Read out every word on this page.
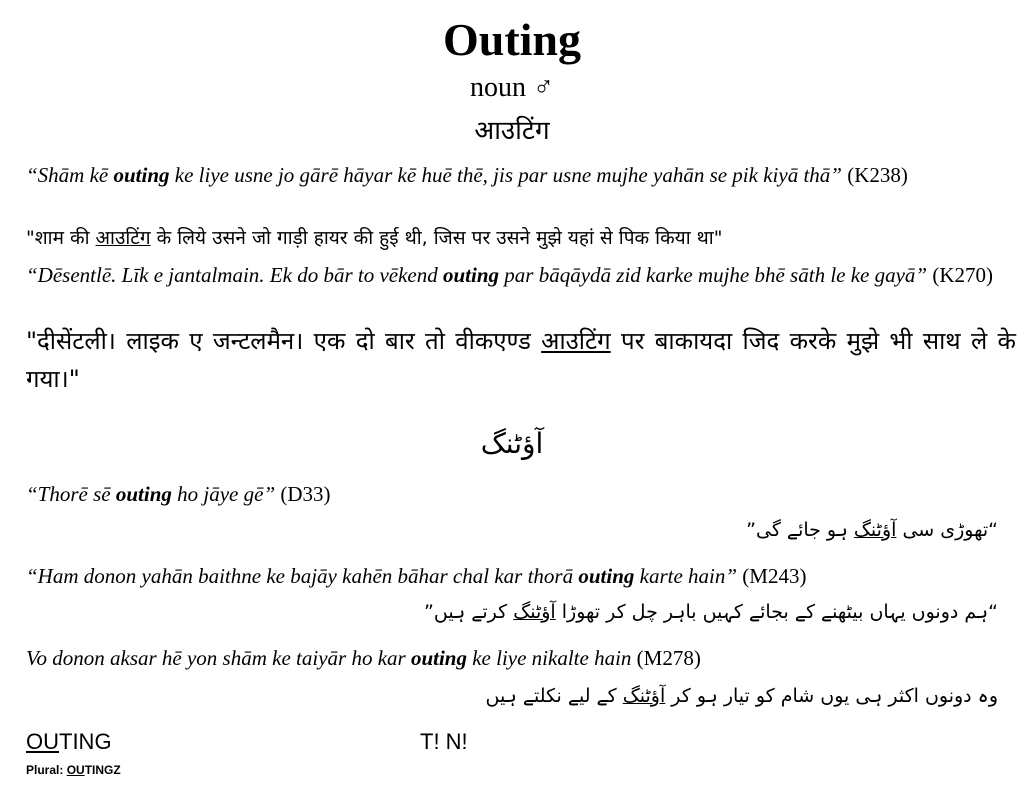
Outing
noun ♂
आउटिंग
“Shām kē outing ke liye usne jo gārē hāyar kē huē thē, jis par usne mujhe yahān se pik kiyā thā” (K238)
"शाम की आउटिंग के लिये उसने जो गाड़ी हायर की हुई थी, जिस पर उसने मुझे यहां से पिक किया था"
“Dēsentlē. Līk e jantalmain. Ek do bār to vēkend outing par bāqāydā zid karke mujhe bhē sāth le ke gayā” (K270)
"दीसेंटली। लाइक ए जन्टलमैन। एक दो बार तो वीकएण्ड आउटिंग पर बाकायदा जिद करके मुझे भी साथ ले के गया।"
آؤٹنگ
“Thorē sē outing ho jāye gē” (D33)
“تھوڑی سی آؤٹنگ ہو جائے گی”
“Ham donon yahān baithne ke bajāy kahēn bāhar chal kar thorā outing karte hain” (M243)
“ہم دونوں یہاں بیٹھنے کے بجائے کہیں باہر چل کر تھوڑا آؤٹنگ کرتے ہیں”
Vo donon aksar hē yon shām ke taiyār ho kar outing ke liye nikalte hain (M278)
وہ دونوں اکثر ہی یوں شام کو تیار ہو کر آؤٹنگ کے لیے نکلتے ہیں
OUTING	T! N!
Plural: OUTINGZ
